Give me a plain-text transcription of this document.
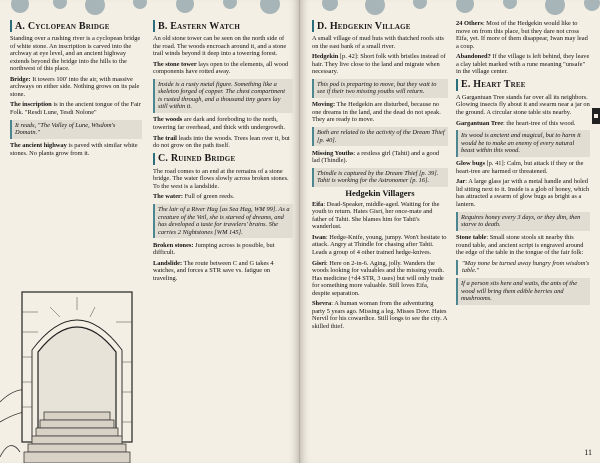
A. Cyclopean Bridge

Standing over a rushing river is a cyclopean bridge of white stone. An inscription is carved into the archway at eye level, and an ancient highway extends beyond the bridge into the hills to the northwest of this place.

Bridge: It towers 100' into the air, with massive archways on either side. Nothing grows on its pale stone.

The inscription is in the ancient tongue of the Fair Folk. "Resdi Lune, Tesdi Nolone"

It reads, "The Valley of Lune, Wisdom's Domain."

The ancient highway is paved with similar white stones. No plants grow from it.

B. Eastern Watch

An old stone tower can be seen on the north side of the road. The woods encroach around it, and a stone trail winds beyond it deep into a towering forest.

The stone tower lays open to the elements, all wood components have rotted away.

Inside is a rusty metal figure. Something like a skeleton forged of copper. The chest compartment is rusted through, and a thousand tiny gears lay still within it.

The woods are dark and foreboding to the north, towering far overhead, and thick with undergrowth.

The trail leads into the woods. Trees lean over it, but do not grow on the path itself.

C. Ruined Bridge

The road comes to an end at the remains of a stone bridge. The water flows slowly across broken stones. To the west is a landslide.

The water: Full of green reeds.

The lair of a River Hag [as Sea Hag, WM 99]. As a creature of the Veil, she is starved of dreams, and has developed a taste for travelers' brains. She carries 2 Nightstones [WM 145].

Broken stones: Jumping across is possible, but difficult.

Landslide: The route between C and G takes 4 watches, and forces a STR save vs. fatigue on traveling.

D. Hedgekin Village

A small village of mud huts with thatched roofs sits on the east bank of a small river.

Hedgekin [p. 42]: Short folk with bristles instead of hair. They live close to the land and migrate when necessary.

This pod is preparing to move, but they wait to see if their two missing youths will return.

Moving: The Hedgekin are disturbed, because no one dreams in the land, and the dead do not speak. They are ready to move.

Both are related to the activity of the Dream Thief [p. 40].

Missing Youths: a restless girl (Tahti) and a good lad (Thindle).

Thindle is captured by the Dream Thief [p. 39]. Tahti is working for the Astronomer [p. 16].
Hedgekin Villagers

Eifa: Dead-Speaker, middle-aged. Waiting for the youth to return. Hates Gisri, her once-mate and father of Tahti. She blames him for Tahti's wanderlust.

Iwan: Hedge-Knife, young, jumpy. Won't hesitate to attack. Angry at Thindle for chasing after Tahti. Leads a group of 4 other trained hedge-knives.

Gisri: Here on 2-in-6. Aging, jolly. Wanders the woods looking for valuables and the missing youth. Has medicine (+d4 STR, 3 uses) but will only trade for something more valuable. Still loves Eifa, despite separation.

Shevra: A human woman from the adventuring party 5 years ago. Missing a leg. Misses Dovr. Hates Nervil for his cowardice. Still longs to see the city. A skilled thief.

24 Others: Most of the Hedgekin would like to move on from this place, but they dare not cross Eifa, yet. If more of them disappear, Iwan may lead a coup.

Abandoned? If the village is left behind, they leave a clay tablet marked with a rune meaning "unsafe" in the village center.

E. Heart Tree

A Gargantuan Tree stands far over all its neighbors. Glowing insects fly about it and swarm near a jar on the ground. A circular stone table sits nearby.

Gargantuan Tree: the heart-tree of this wood.

Its wood is ancient and magical, but to harm it would be to make an enemy of every natural beast within this wood.

Glow bugs [p. 41]: Calm, but attack if they or the heart-tree are harmed or threatened.

Jar: A large glass jar with a metal handle and holed lid sitting next to it. Inside is a glob of honey, which has attracted a swarm of glow bugs as bright as a lantern.

Requires honey every 3 days, or they dim, then starve to death.

Stone table: Small stone stools sit nearby this round table, and ancient script is engraved around the edge of the table in the tongue of the fair folk:

"May none be turned away hungry from wisdom's table."
If a person sits here and waits, the ants of the wood will bring them edible berries and mushrooms.
11
